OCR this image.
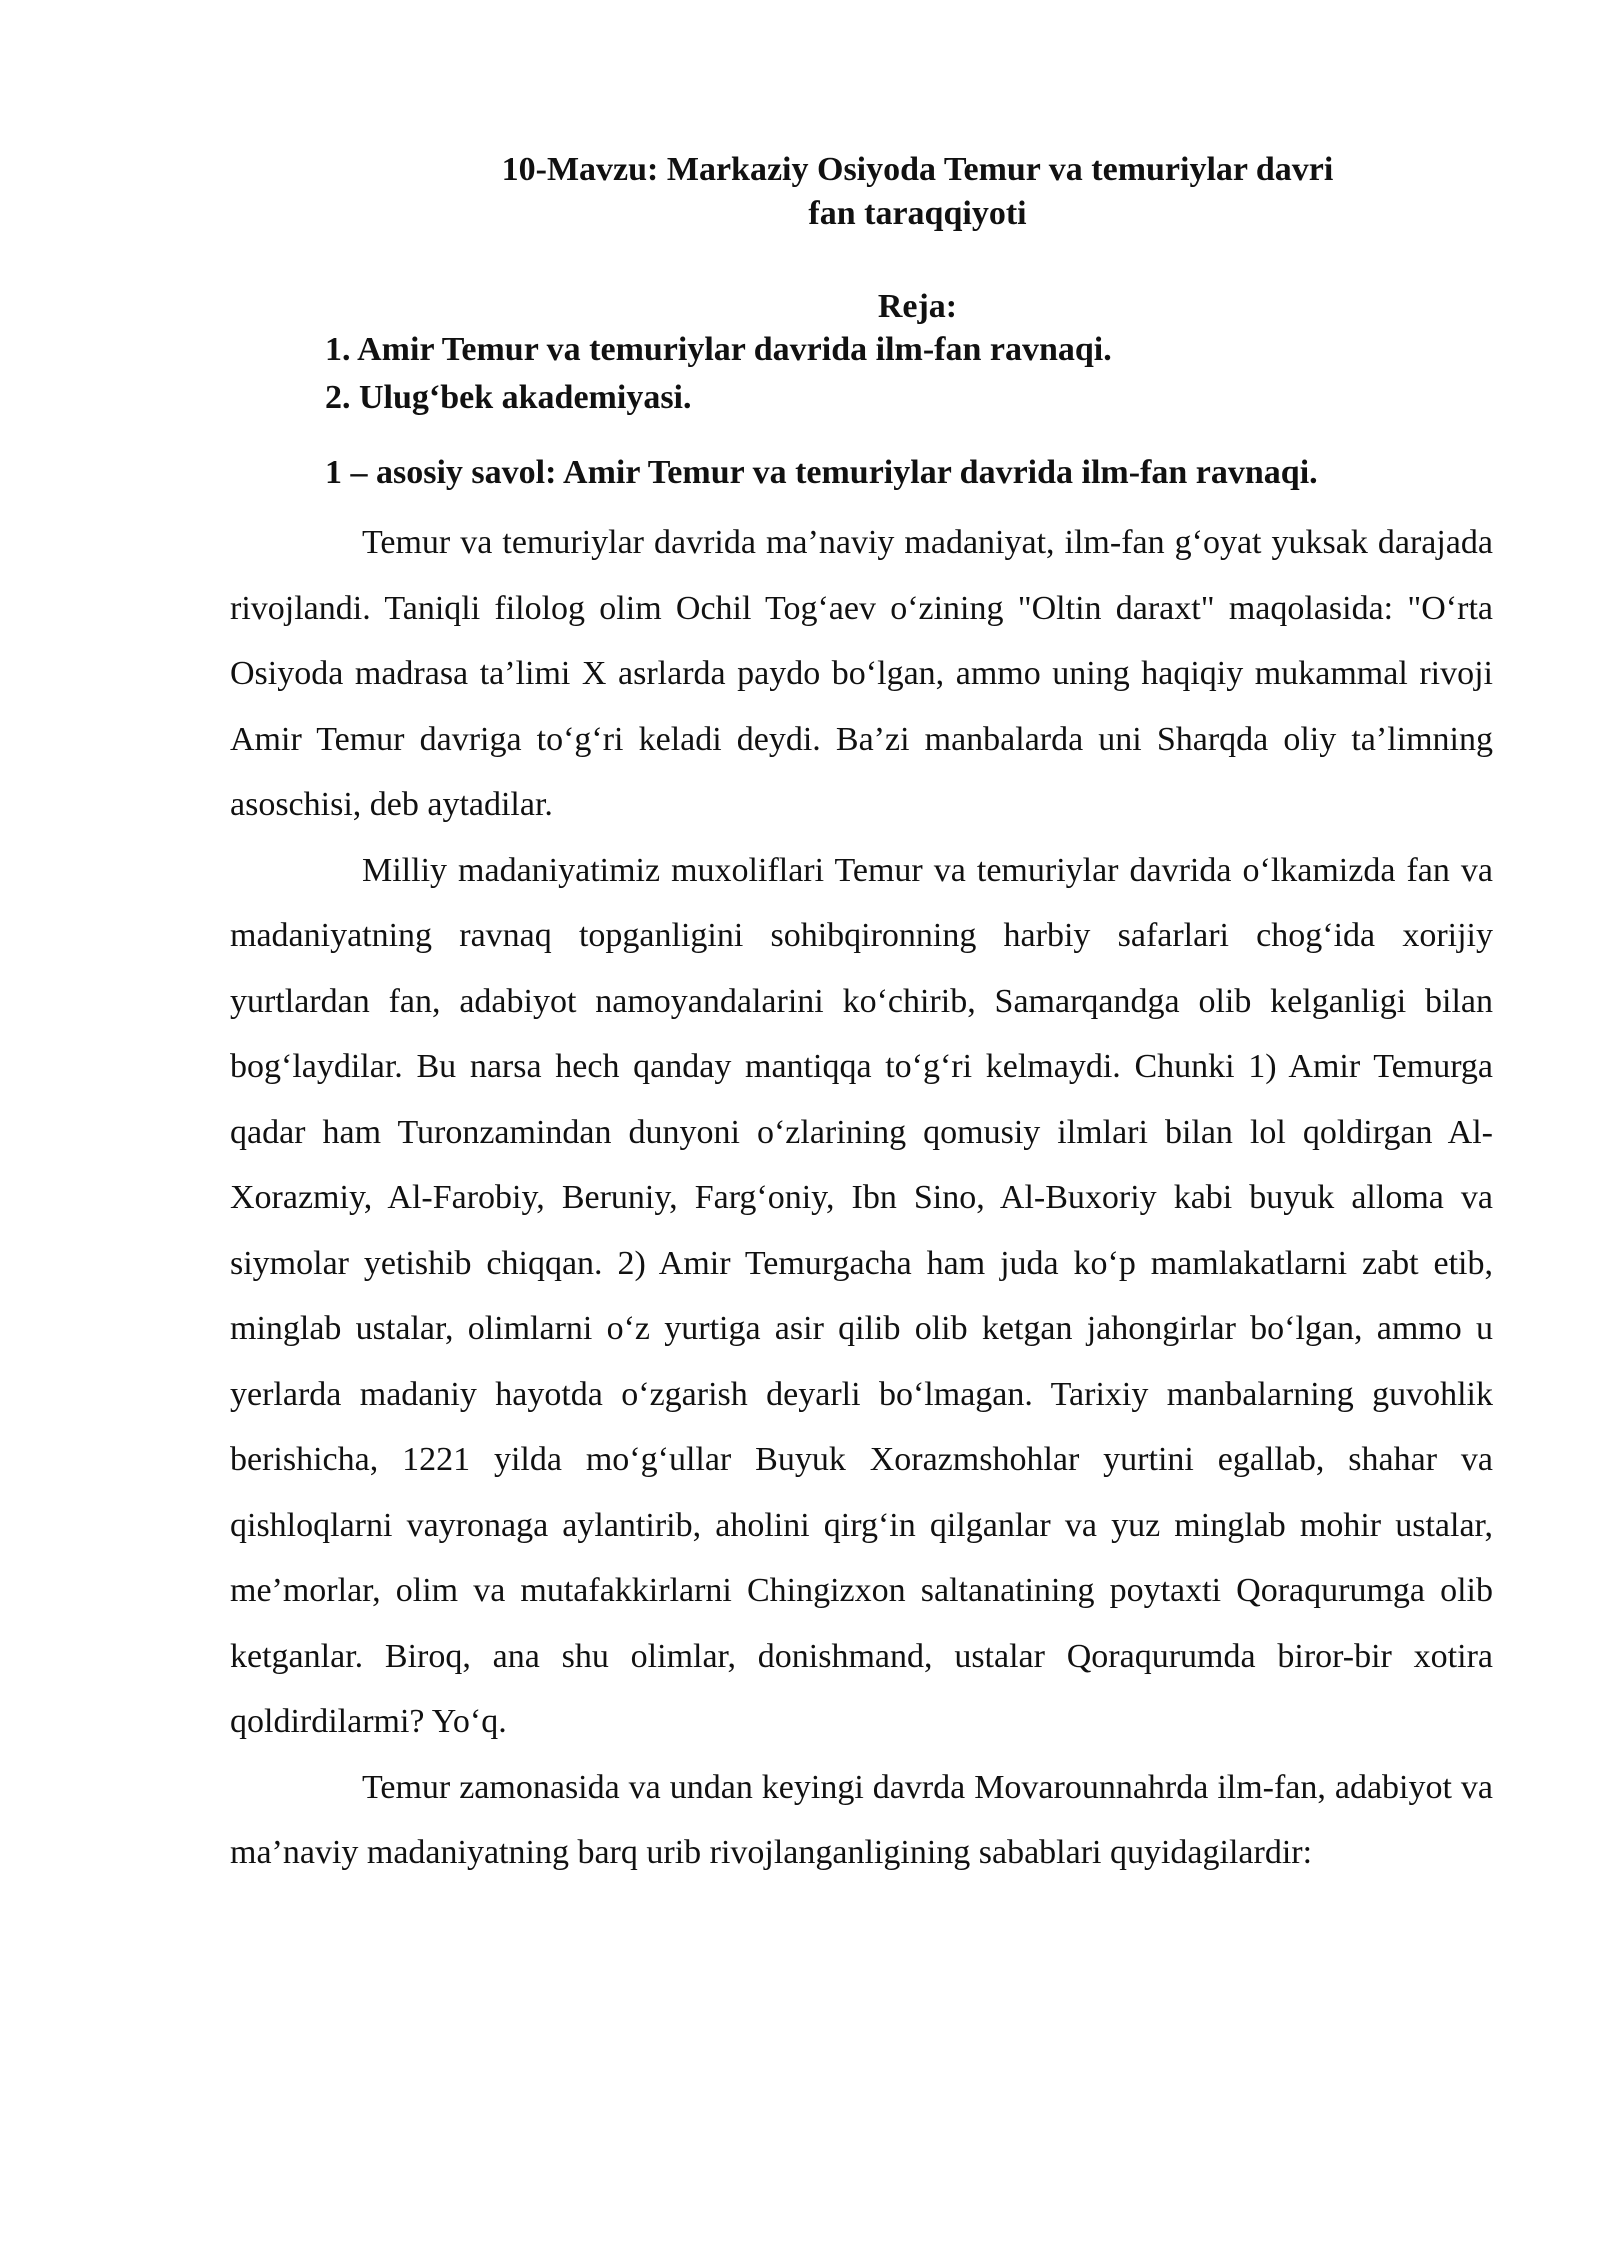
10-Mavzu: Markaziy Osiyoda Temur va temuriylar davri
fan taraqqiyoti
Reja:
1. Amir Temur va temuriylar davrida ilm-fan ravnaqi.
2. Ulug‘bek akademiyasi.
1 – asosiy savol: Amir Temur va temuriylar davrida ilm-fan ravnaqi.

Temur va temuriylar davrida ma’naviy madaniyat, ilm-fan g‘oyat yuksak darajada rivojlandi. Taniqli filolog olim Ochil Tog‘aev o‘zining "Oltin daraxt" maqolasida: "O‘rta Osiyoda madrasa ta’limi X asrlarda paydo bo‘lgan, ammo uning haqiqiy mukammal rivoji Amir Temur davriga to‘g‘ri keladi deydi. Ba’zi manbalarda uni Sharqda oliy ta’limning asoschisi, deb aytadilar.

Milliy madaniyatimiz muxoliflari Temur va temuriylar davrida o‘lkamizda fan va madaniyatning ravnaq topganligini sohibqironning harbiy safarlari chog‘ida xorijiy yurtlardan fan, adabiyot namoyandalarini ko‘chirib, Samarqandga olib kelganligi bilan bog‘laydilar. Bu narsa hech qanday mantiqqa to‘g‘ri kelmaydi. Chunki 1) Amir Temurga qadar ham Turonzamindan dunyoni o‘zlarining qomusiy ilmlari bilan lol qoldirgan Al-Xorazmiy, Al-Farobiy, Beruniy, Farg‘oniy, Ibn Sino, Al-Buxoriy kabi buyuk alloma va siymolar yetishib chiqqan. 2) Amir Temurgacha ham juda ko‘p mamlakatlarni zabt etib, minglab ustalar, olimlarni o‘z yurtiga asir qilib olib ketgan jahongirlar bo‘lgan, ammo u yerlarda madaniy hayotda o‘zgarish deyarli bo‘lmagan. Tarixiy manbalarning guvohlik berishicha, 1221 yilda mo‘g‘ullar Buyuk Xorazmshohlar yurtini egallab, shahar va qishloqlarni vayronaga aylantirib, aholini qirg‘in qilganlar va yuz minglab mohir ustalar, me’morlar, olim va mutafakkirlarni Chingizxon saltanatining poytaxti Qoraqurumga olib ketganlar. Biroq, ana shu olimlar, donishmand, ustalar Qoraqurumda biror-bir xotira qoldirdilarmi? Yo‘q.

Temur zamonasida va undan keyingi davrda Movarounnahrda ilm-fan, adabiyot va ma’naviy madaniyatning barq urib rivojlanganligining sabablari quyidagilardir:
